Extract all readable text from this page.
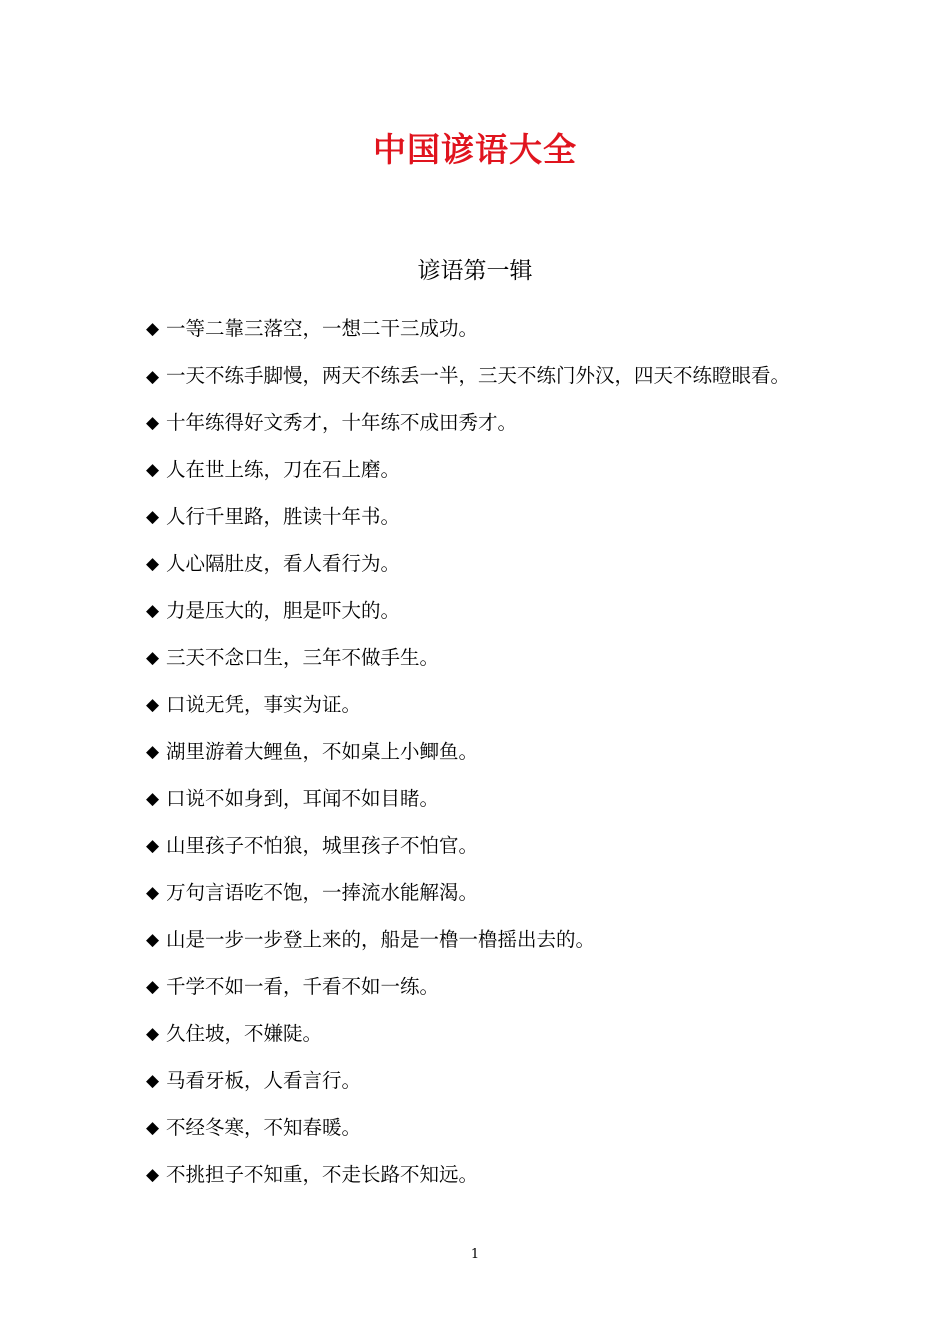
中国谚语大全
谚语第一辑
◆ 一等二靠三落空，一想二干三成功。
◆ 一天不练手脚慢，两天不练丢一半，三天不练门外汉，四天不练瞪眼看。
◆ 十年练得好文秀才，十年练不成田秀才。
◆ 人在世上练，刀在石上磨。
◆ 人行千里路，胜读十年书。
◆ 人心隔肚皮，看人看行为。
◆ 力是压大的，胆是吓大的。
◆ 三天不念口生，三年不做手生。
◆ 口说无凭，事实为证。
◆ 湖里游着大鲤鱼，不如桌上小鲫鱼。
◆ 口说不如身到，耳闻不如目睹。
◆ 山里孩子不怕狼，城里孩子不怕官。
◆ 万句言语吃不饱，一捧流水能解渴。
◆ 山是一步一步登上来的，船是一橹一橹摇出去的。
◆ 千学不如一看，千看不如一练。
◆ 久住坡，不嫌陡。
◆ 马看牙板，人看言行。
◆ 不经冬寒，不知春暖。
◆ 不挑担子不知重，不走长路不知远。
1
